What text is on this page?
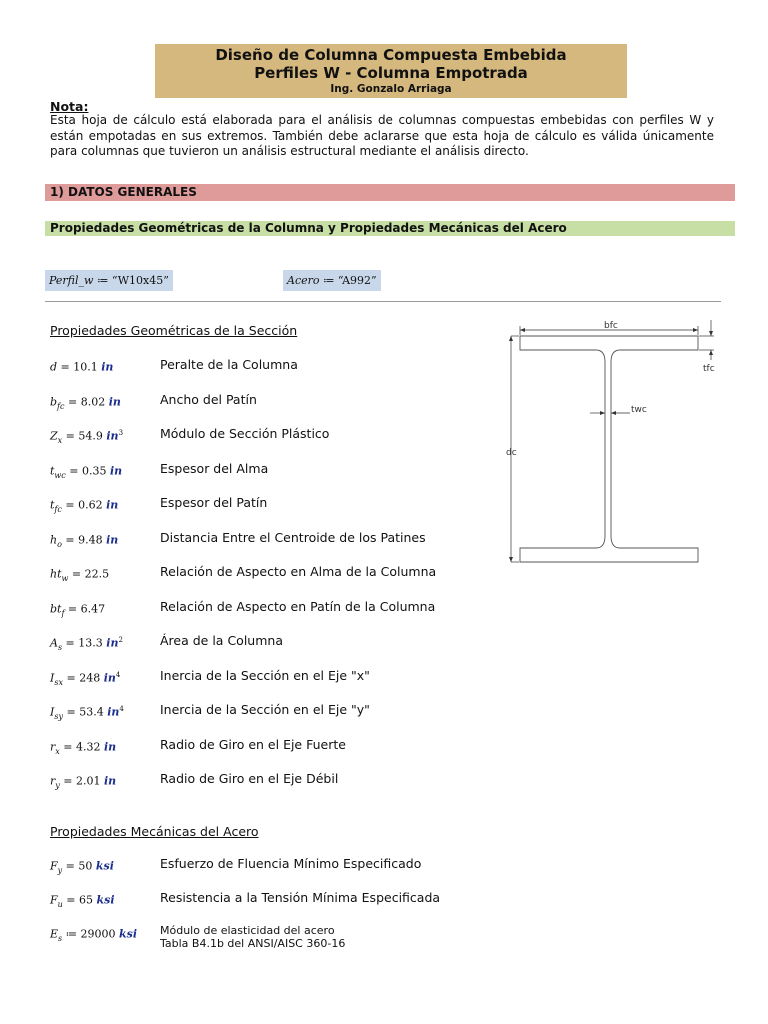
Diseño de Columna Compuesta Embebida
Perfiles W - Columna Empotrada
Ing. Gonzalo Arriaga
Nota:
Esta hoja de cálculo está elaborada para el análisis de columnas compuestas embebidas con perfiles W y están empotadas en sus extremos. También debe aclararse que esta hoja de cálculo es válida únicamente para columnas que tuvieron un análisis estructural mediante el análisis directo.
1) DATOS GENERALES
Propiedades Geométricas de la Columna y Propiedades Mecánicas del Acero
Perfil_w ≔ “W10x45”	Acero ≔ “A992”
Propiedades Geométricas de la Sección
d = 10.1 in	Peralte de la Columna
$b_{fc} = 8.02$ in	Ancho del Patín
$Z_x = 54.9$ $in^3$	Módulo de Sección Plástico
$t_{wc} = 0.35$ in	Espesor del Alma
$t_{fc} = 0.62$ in	Espesor del Patín
$h_o = 9.48$ in	Distancia Entre el Centroide de los Patines
$ht_w = 22.5$	Relación de Aspecto en Alma de la Columna
$bt_f = 6.47$	Relación de Aspecto en Patín de la Columna
$A_s = 13.3$ $in^2$	Área de la Columna
$I_{sx} = 248$ $in^4$	Inercia de la Sección en el Eje "x"
$I_{sy} = 53.4$ $in^4$	Inercia de la Sección en el Eje "y"
$r_x = 4.32$ in	Radio de Giro en el Eje Fuerte
$r_y = 2.01$ in	Radio de Giro en el Eje Débil
Propiedades Mecánicas del Acero
$F_y = 50$ ksi	Esfuerzo de Fluencia Mínimo Especificado
$F_u = 65$ ksi	Resistencia a la Tensión Mínima Especificada
$E_s$ ≔ 29000 ksi Módulo de elasticidad del acero
Tabla B4.1b del ANSI/AISC 360-16
bfc
tfc
twc
dc
